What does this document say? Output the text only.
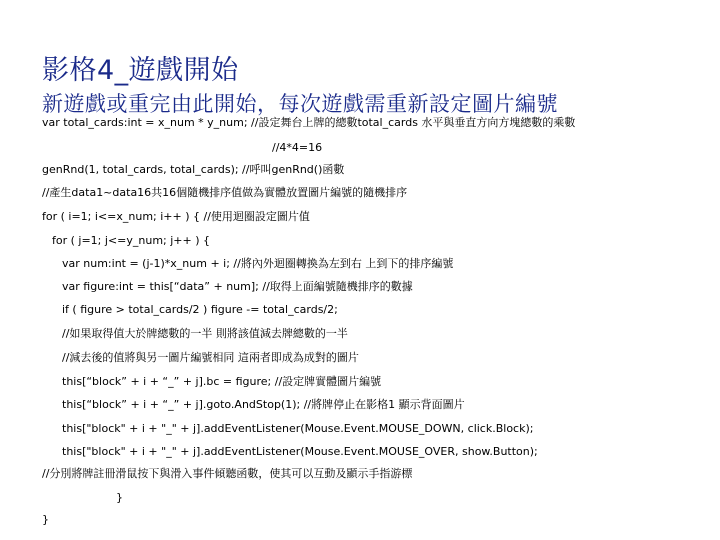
影格4_遊戲開始
新遊戲或重完由此開始，每次遊戲需重新設定圖片編號
var total_cards:int = x_num * y_num; //設定舞台上牌的總數total_cards 水平與垂直方向方塊總數的乘數
//4*4=16
genRnd(1, total_cards, total_cards); //呼叫genRnd()函數
//產生data1~data16共16個隨機排序值做為實體放置圖片編號的隨機排序
for ( i=1; i<=x_num; i++ ) { //使用迴圈設定圖片值
for ( j=1; j<=y_num; j++ ) {
var num:int = (j-1)*x_num + i; //將內外迴圈轉換為左到右 上到下的排序編號
var figure:int = this[“data” + num]; //取得上面編號隨機排序的數據
if ( figure > total_cards/2 ) figure -= total_cards/2;
//如果取得值大於牌總數的一半 則將該值減去牌總數的一半
//減去後的值將與另一圖片編號相同 這兩者即成為成對的圖片
this[“block” + i + “_” + j].bc = figure; //設定牌實體圖片編號
this[“block” + i + “_” + j].goto.AndStop(1); //將牌停止在影格1 顯示背面圖片
this["block" + i + "_" + j].addEventListener(Mouse.Event.MOUSE_DOWN, click.Block);
this["block" + i + "_" + j].addEventListener(Mouse.Event.MOUSE_OVER, show.Button);
//分別將牌註冊滑鼠按下與滑入事件傾聽函數，使其可以互動及顯示手指游標
}
}
